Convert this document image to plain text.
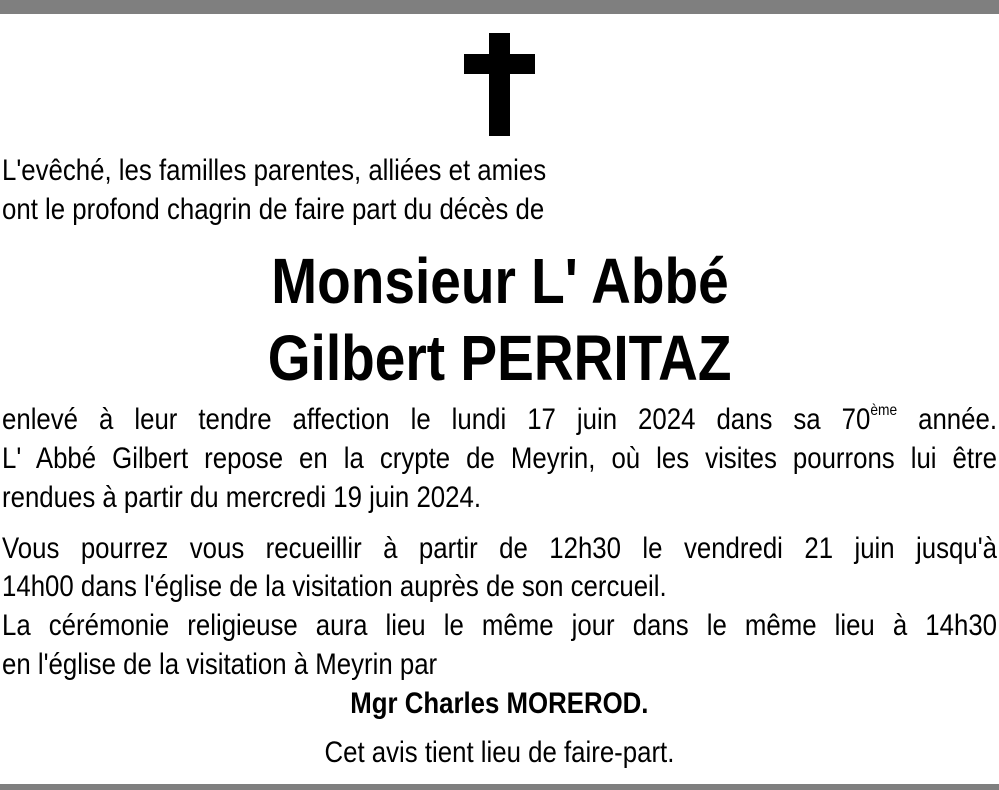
L'evêché, les familles parentes, alliées et amies
ont le profond chagrin de faire part du décès de
Monsieur L' Abbé
Gilbert PERRITAZ
enlevé à leur tendre affection le lundi 17 juin 2024 dans sa 70ème année.
L' Abbé Gilbert repose en la crypte de Meyrin, où les visites pourrons lui être
rendues à partir du mercredi 19 juin 2024.
Vous pourrez vous recueillir à partir de 12h30 le vendredi 21 juin jusqu'à
14h00 dans l'église de la visitation auprès de son cercueil.
La cérémonie religieuse aura lieu le même jour dans le même lieu à 14h30
en l'église de la visitation à Meyrin par
Mgr Charles MOREROD.
Cet avis tient lieu de faire-part.
